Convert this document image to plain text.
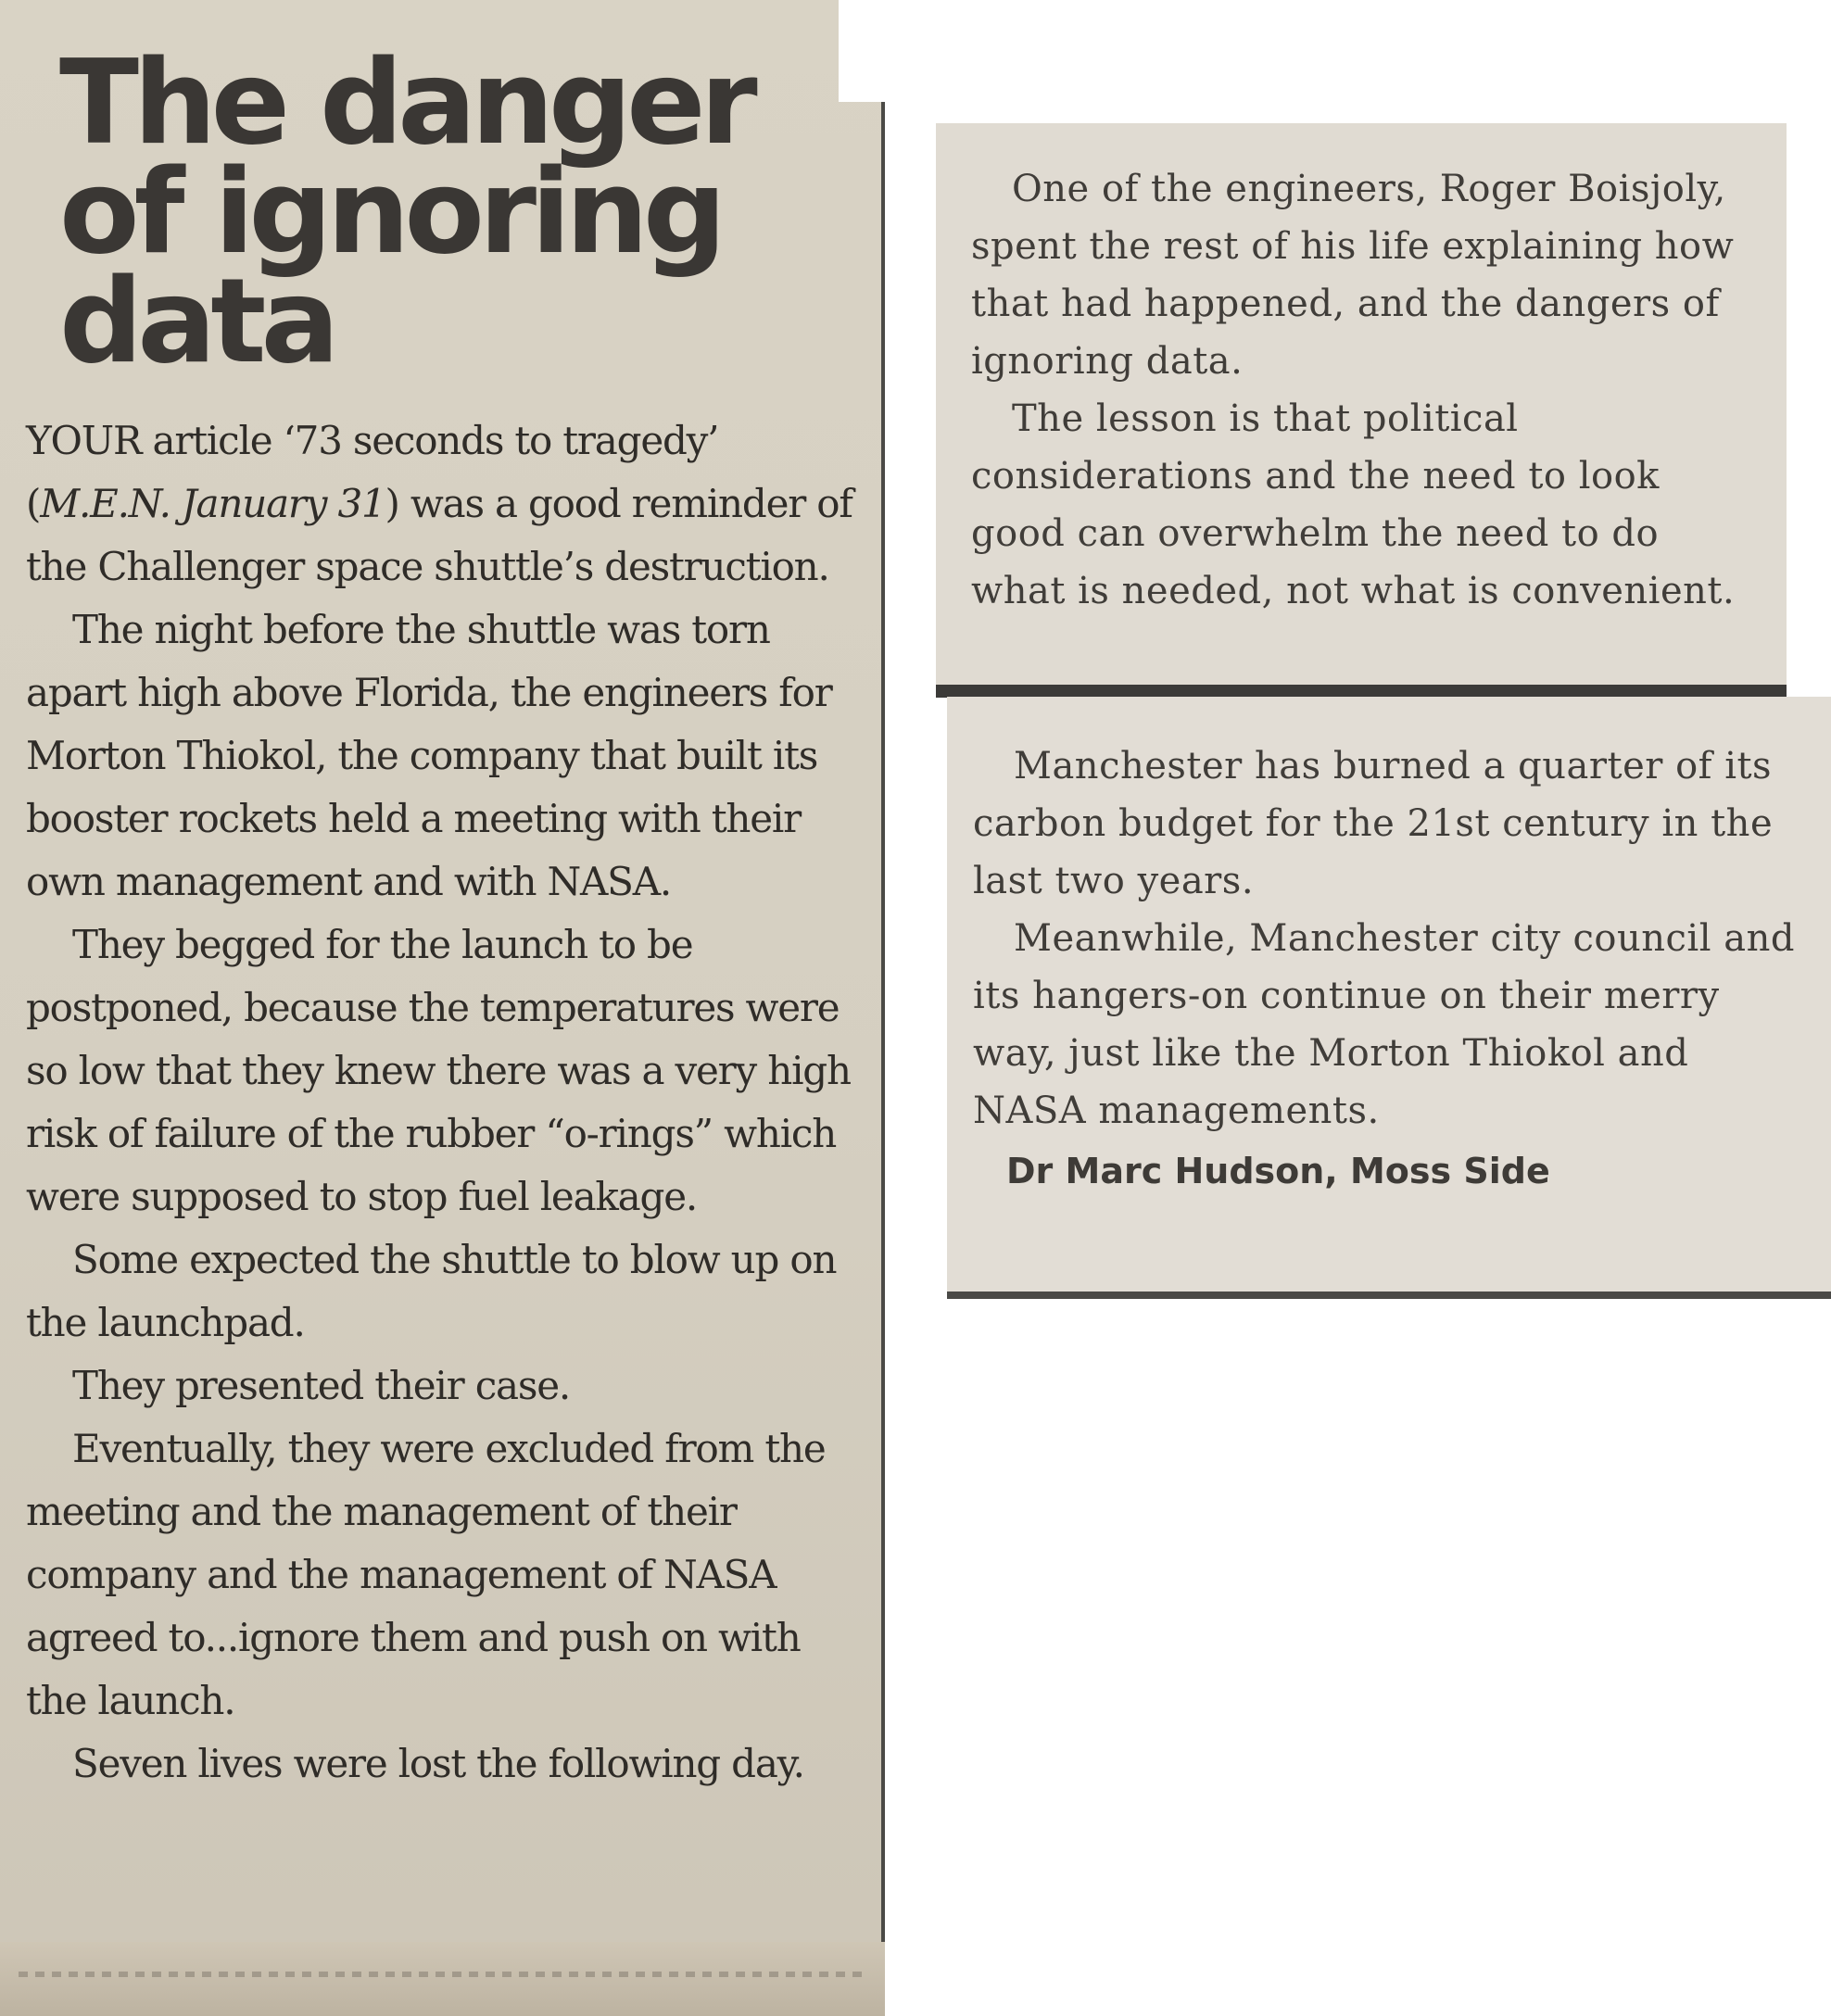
The danger of ignoring data

YOUR article ‘73 seconds to tragedy’ (M.E.N. January 31) was a good reminder of the Challenger space shuttle’s destruction.

The night before the shuttle was torn apart high above Florida, the engineers for Morton Thiokol, the company that built its booster rockets held a meeting with their own management and with NASA.

They begged for the launch to be postponed, because the temperatures were so low that they knew there was a very high risk of failure of the rubber “o-rings” which were supposed to stop fuel leakage.

Some expected the shuttle to blow up on the launchpad.

They presented their case.

Eventually, they were excluded from the meeting and the management of their company and the management of NASA agreed to...ignore them and push on with the launch.

Seven lives were lost the following day.

One of the engineers, Roger Boisjoly, spent the rest of his life explaining how that had happened, and the dangers of ignoring data.

The lesson is that political considerations and the need to look good can overwhelm the need to do what is needed, not what is convenient.

Manchester has burned a quarter of its carbon budget for the 21st century in the last two years.

Meanwhile, Manchester city council and its hangers-on continue on their merry way, just like the Morton Thiokol and NASA managements.

Dr Marc Hudson, Moss Side
